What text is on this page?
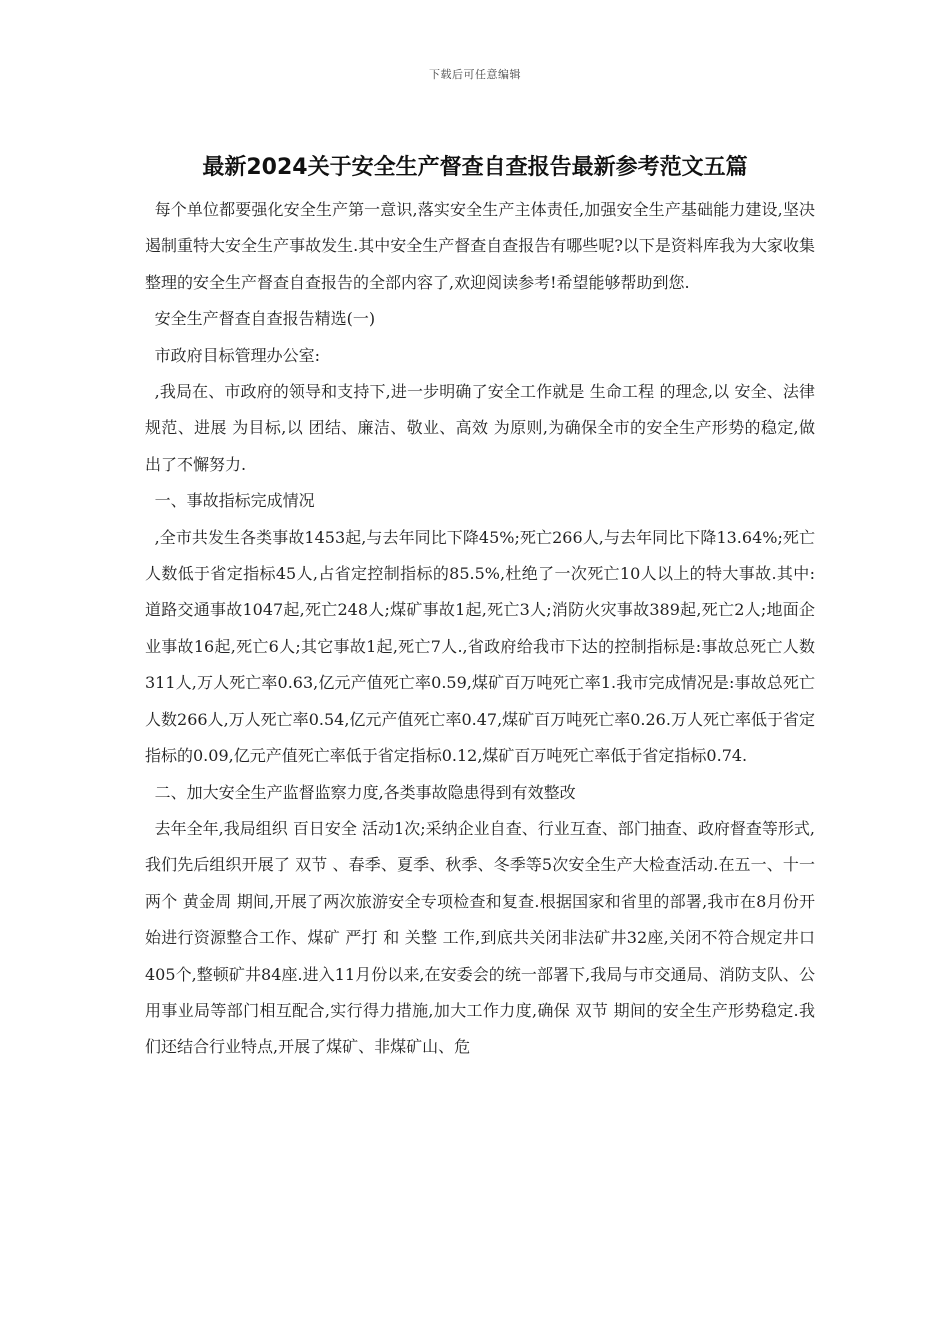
下载后可任意编辑
最新2024关于安全生产督查自查报告最新参考范文五篇

每个单位都要强化安全生产第一意识,落实安全生产主体责任,加强安全生产基础能力建设,坚决遏制重特大安全生产事故发生.其中安全生产督查自查报告有哪些呢?以下是资料库我为大家收集整理的安全生产督查自查报告的全部内容了,欢迎阅读参考!希望能够帮助到您.

安全生产督查自查报告精选(一)

市政府目标管理办公室:

,我局在、市政府的领导和支持下,进一步明确了安全工作就是 生命工程 的理念,以 安全、法律规范、进展 为目标,以 团结、廉洁、敬业、高效 为原则,为确保全市的安全生产形势的稳定,做出了不懈努力.

一、事故指标完成情况

,全市共发生各类事故1453起,与去年同比下降45%;死亡266人,与去年同比下降13.64%;死亡人数低于省定指标45人,占省定控制指标的85.5%,杜绝了一次死亡10人以上的特大事故.其中:道路交通事故1047起,死亡248人;煤矿事故1起,死亡3人;消防火灾事故389起,死亡2人;地面企业事故16起,死亡6人;其它事故1起,死亡7人.,省政府给我市下达的控制指标是:事故总死亡人数311人,万人死亡率0.63,亿元产值死亡率0.59,煤矿百万吨死亡率1.我市完成情况是:事故总死亡人数266人,万人死亡率0.54,亿元产值死亡率0.47,煤矿百万吨死亡率0.26.万人死亡率低于省定指标的0.09,亿元产值死亡率低于省定指标0.12,煤矿百万吨死亡率低于省定指标0.74.

二、加大安全生产监督监察力度,各类事故隐患得到有效整改

去年全年,我局组织 百日安全 活动1次;采纳企业自查、行业互查、部门抽查、政府督查等形式,我们先后组织开展了 双节 、春季、夏季、秋季、冬季等5次安全生产大检查活动.在五一、十一两个 黄金周 期间,开展了两次旅游安全专项检查和复查.根据国家和省里的部署,我市在8月份开始进行资源整合工作、煤矿 严打 和 关整 工作,到底共关闭非法矿井32座,关闭不符合规定井口405个,整顿矿井84座.进入11月份以来,在安委会的统一部署下,我局与市交通局、消防支队、公用事业局等部门相互配合,实行得力措施,加大工作力度,确保 双节 期间的安全生产形势稳定.我们还结合行业特点,开展了煤矿、非煤矿山、危
